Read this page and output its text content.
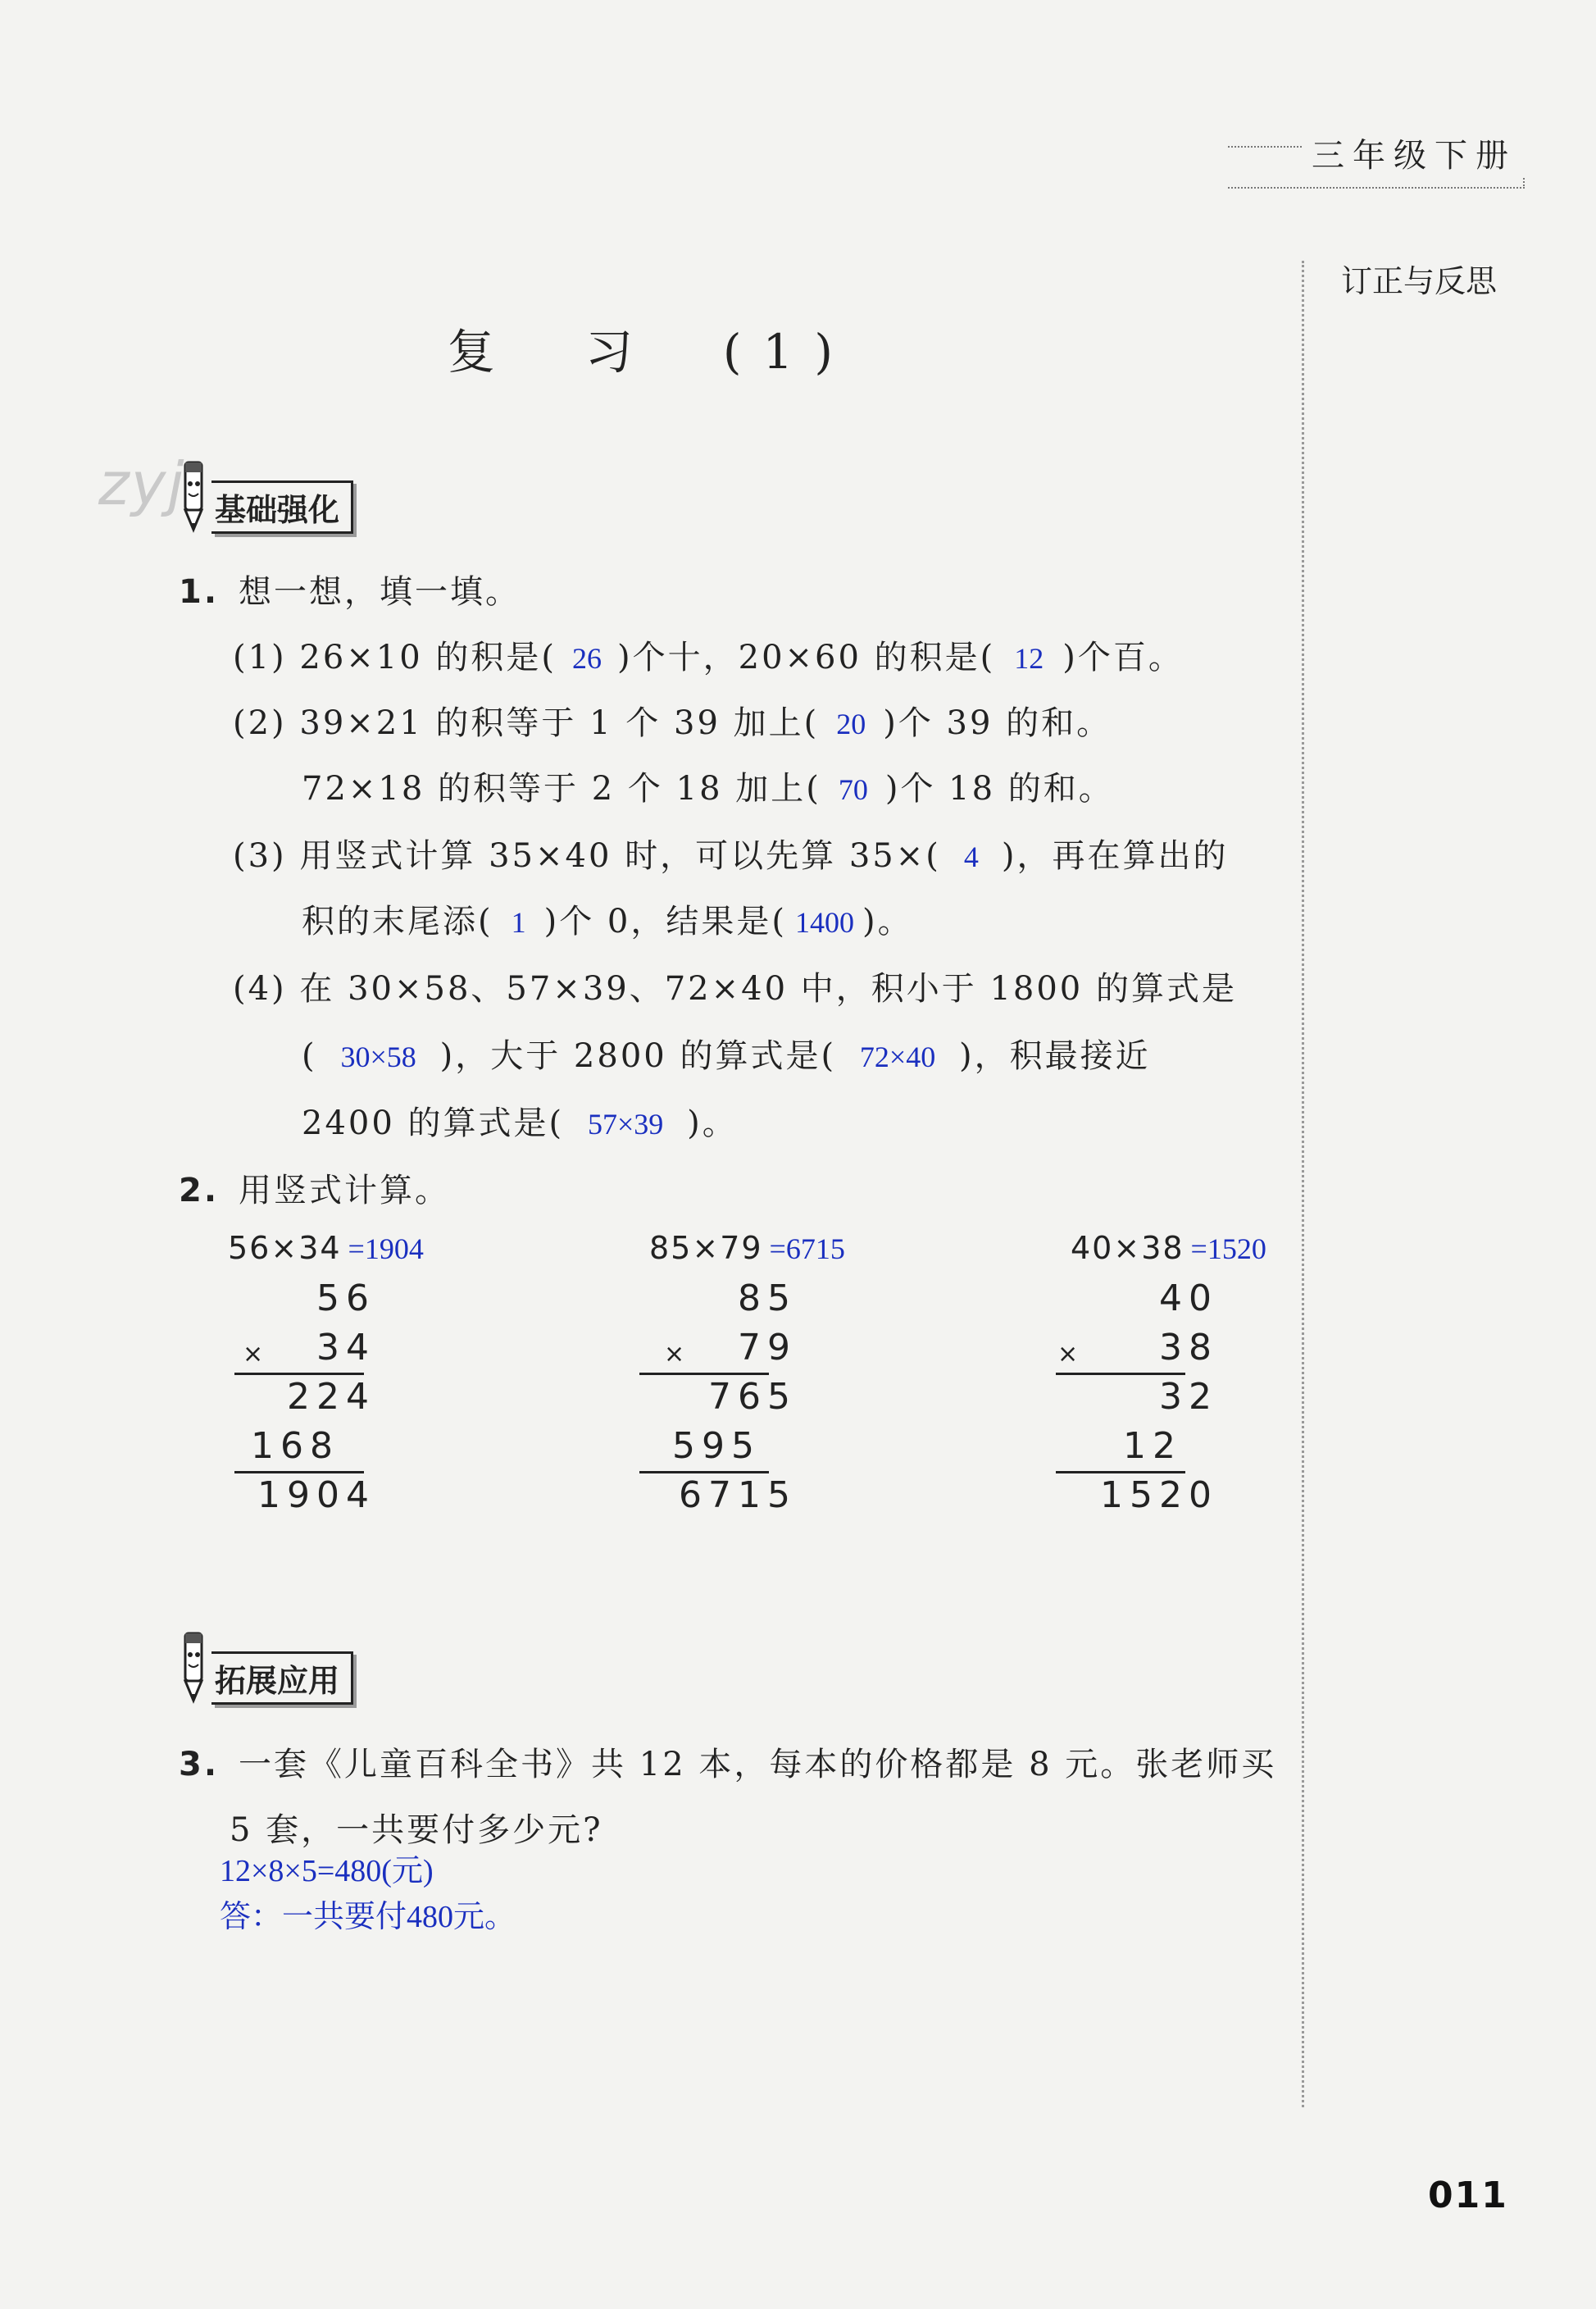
三年级下册
订正与反思
复　习　(1)
zyj 基础强化
1. 想一想，填一填。
(1) 26×10 的积是( 26 )个十，20×60 的积是( 12 )个百。
(2) 39×21 的积等于 1 个 39 加上( 20 )个 39 的和。
72×18 的积等于 2 个 18 加上( 70 )个 18 的和。
(3) 用竖式计算 35×40 时，可以先算 35×( 4 )，再在算出的
积的末尾添( 1 )个 0，结果是( 1400 )。
(4) 在 30×58、57×39、72×40 中，积小于 1800 的算式是
( 30×58 )，大于 2800 的算式是( 72×40 )，积最接近
2400 的算式是( 57×39 )。
2. 用竖式计算。
56×34 =1904
56
×	34
224
168
1904
85×79 =6715
85
×	79
765
595
6715
40×38 =1520
40
×	38
32
12
1520
拓展应用
3. 一套《儿童百科全书》共 12 本，每本的价格都是 8 元。张老师买
5 套，一共要付多少元?
12×8×5=480(元)
答：一共要付480元。
011
